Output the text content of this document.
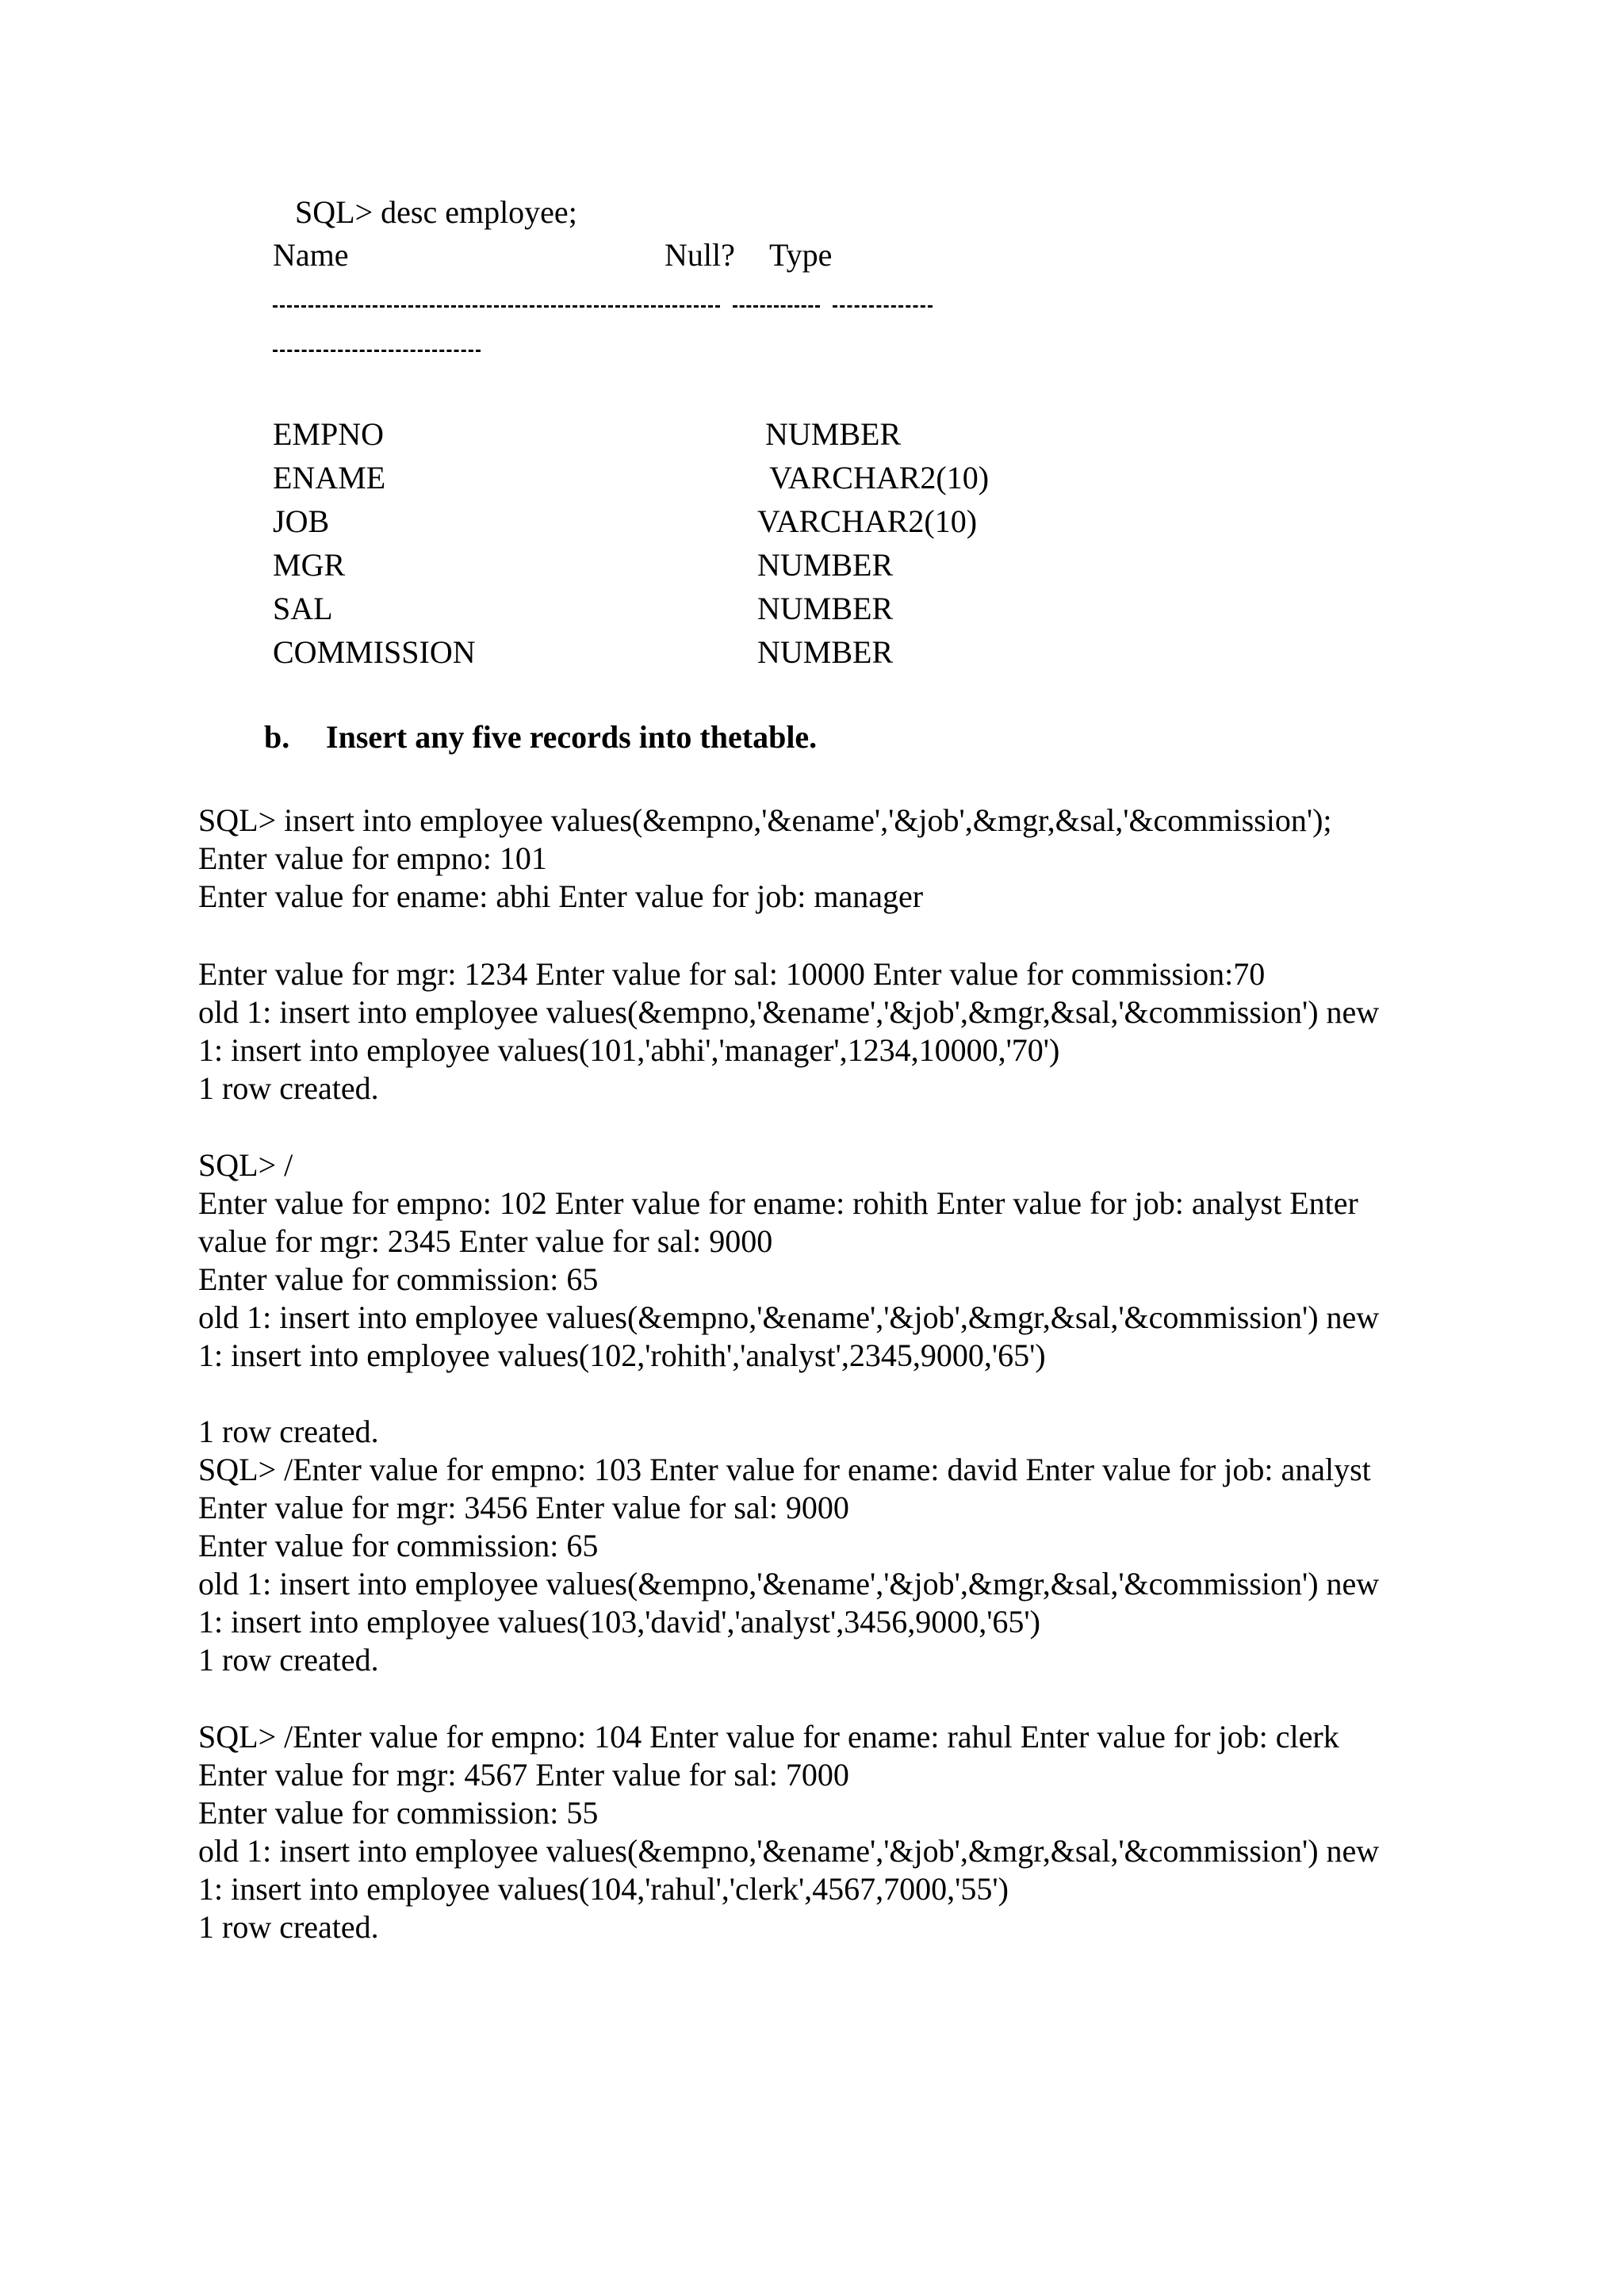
SQL> desc employee;
Name	Null? Type
EMPNO	NUMBER
ENAME	VARCHAR2(10)
JOB	VARCHAR2(10)
MGR	NUMBER
SAL	NUMBER
COMMISSION	NUMBER
b. Insert any five records into thetable.
SQL> insert into employee values(&empno,'&ename','&job',&mgr,&sal,'&commission');
Enter value for empno: 101
Enter value for ename: abhi Enter value for job: manager
Enter value for mgr: 1234 Enter value for sal: 10000 Enter value for commission:70
old 1: insert into employee values(&empno,'&ename','&job',&mgr,&sal,'&commission') new
1: insert into employee values(101,'abhi','manager',1234,10000,'70')
1 row created.
SQL> /
Enter value for empno: 102 Enter value for ename: rohith Enter value for job: analyst Enter
value for mgr: 2345 Enter value for sal: 9000
Enter value for commission: 65
old 1: insert into employee values(&empno,'&ename','&job',&mgr,&sal,'&commission') new
1: insert into employee values(102,'rohith','analyst',2345,9000,'65')
1 row created.
SQL> /Enter value for empno: 103 Enter value for ename: david Enter value for job: analyst
Enter value for mgr: 3456 Enter value for sal: 9000
Enter value for commission: 65
old 1: insert into employee values(&empno,'&ename','&job',&mgr,&sal,'&commission') new
1: insert into employee values(103,'david','analyst',3456,9000,'65')
1 row created.
SQL> /Enter value for empno: 104 Enter value for ename: rahul Enter value for job: clerk
Enter value for mgr: 4567 Enter value for sal: 7000
Enter value for commission: 55
old 1: insert into employee values(&empno,'&ename','&job',&mgr,&sal,'&commission') new
1: insert into employee values(104,'rahul','clerk',4567,7000,'55')
1 row created.
